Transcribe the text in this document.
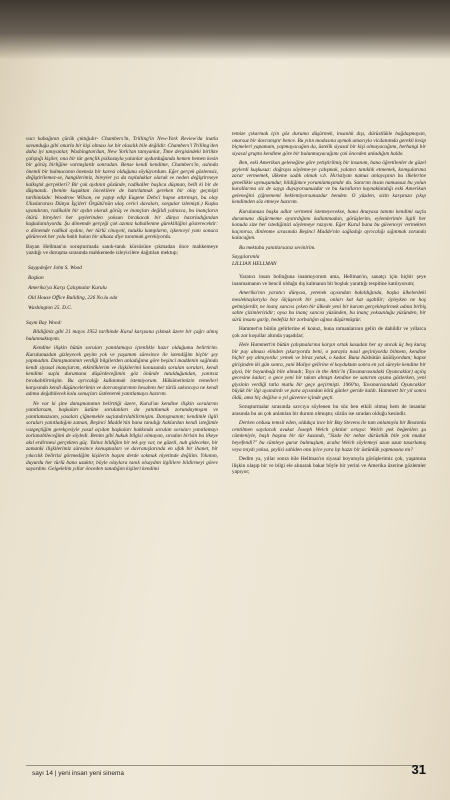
vacı kabağının çürük çıktığıdır- Chambers'in, Trilling'in New-York Review'da inatla savunduğu gibi onurlu bir kişi olması ise bir olasılık bile değildir. Chambers'i Trilling'den daha iyi tanıyanlar, Washington'dan, New York'tan tanıyanlar, Time dergisindeki birlikte çalıştığı kişiler, ona bir tür gençlik psikozuyla yalanlar uydurduğunda hemen hemen kesin bir görüş birliğine varmışlardı sonradan. Bense kendi kendime, Chambers'in, aslında önemli bir bulmacanın önemsiz bir karesi olduğunu söylüyordum. Eğer gerçek gözlemsiz, değiştirilemez-se, hangilerimiz, bireyler ya da topluluklar olarak ve neden değiştirmeye kalkıştık gerçekleri? Bir çok aydının gözünde, radikaller başlıca düşman, belli ki bir de düşmandı. (benim kuşaktan öncekilere de hatırlatmak gereken bir olay geçmişti tarihimizde: Woodrow Wilson, ne yapıp edip Eugene Debs'i hapse attırmıştı, bu olay Uluslararası Dünya İşçileri Örgütü'nün ulaş cerici davaları, sorgular izlemişti.) Kuşku uyandıran, radikalin bir aydın olarak görüş ve inançları değildi yalnızca, bu inançların ötürü bireyleri her şeylerinden yoksun bırakacak bir dünya hazırladığından kuşkulanılıyordu. Şu dönemde gerçeği çok azımız kabullenme gürekliliğini gösterecektir: o dönemde radikal aydını, her türlü cinayeti, tutuklu kampların, işkenceyi yanı sonuca götürecek her yolu haklı bulan bir alkaza diye tanıtmak gerekiyordu.

Bayan Hellman'ın soruşturmada sanık-tanık kürsüsüne çıkmadan önce mahkemeye yazdığı ve duruşma sırasında mahkemede izleyicilere dağıtılan mektup;

Saygıdeğer John S. Wood

Başkan

Amerika'ya Karşı Çalışmalar Kurulu

Old House Office Building, 226 No.lu oda

Washington 25. D.C.

Saym Bay Wood:

Bildiğiniz gibi 21 mayıs 1952 tarihinde Kurul karşısına çıkmak üzere bir çağrı almış bulunmaktayım.

Kendine ilişkin bütün soruları yanıtlamaya içtenlikle hazır olduğumu belirtirim. Kurulunuzdan gizleyecek geyim yok ve yaşamım süresince ile istendiğim hiçbir şey yapmadım. Danışmanımın verdiği bilgilerden anladığıma göre beşinci maddenin sağlında kendi siyasal inançlarım, etkinliklerim ve ilişkilerimi konusunda sorulan soruları, kendi kendimi suçlu durumuna düşürdeceğimin göz önünde tutulduğundan, yanıtsız bırakabilirmişim. Bu ayrıcalığı kullanmak istemiyorum. Hükümetimizin temelleri karşısında kendi düşüncelerimin ve davranışlarımın hesabını her türlü sakıncaya ne kendi adıma değabilecek kolu sonuçları üstlenerek yanıtlamaya hazırım.

Ne var ki şine danışmanımın belirttiği üzere, Kurul'un kendine ilişkin sorularını yanıtlarsam, başkaları üstüne sorulanları da yanıtlamak zorundaymışım ve yanıtlamazsam, yasaları çiğnemekle suçlandırılabilirmişim. Danışmanım; kendimle ilgili soruları yanıtladığım zaman, Beşinci Madde'nin bana tanıdığı haklardan kendi isteğimle vazgeçtiğim gerekçesiyle yasal açıdan başkaları hakkında sorulan soruları yanıtlamayı zorlanabileceğimi de söyledi. Benim gibi hukuk bilgisi olmayan, sıradan birisin bu ilkeye akıl erdirmesi gerçekten güç. Yalnız bildiğim bir tek şey var, ne güzeli, nuh gidecekte, bir zamanki ilişkilerimiz süresince konuşmaları ve davranışlarında en ufak bir ihanet, bir yıkıcılık belirtisi görmediğim kişilerin başını derde sokmak niyetinde değilim. Yıkımın, duyurdu her türlü bana uzaktır, böyle olaylara tanık olsaydım ilgililere bildirmeyi görev sayardım. Gelgelelim yıllar önceden tanıdığım kişileri kendimi

temize çıkarmak için göz duruma düşürmek, insanlık dışı, dürüstlükle bağdaşmayan, onursuz bir davranıştır bence. Bu yılın modasına uymak amacıyla vicdanımda gerekli kesip biçmeleri yapamam, yapmayacağım da, üstelik siyasal bir kişi olmayacağımı, herhangi bir siyasal grupta kendime göre bir bulunmayacağımı çok önceden anladığım halde.

Ben, eski Amerikan geleneğine göre yetiştirilmiş bir insanım, bana öğretilenler de güzel şeylerdi kuşkusuz: doğruyu söyleme-ye çalışmak, yalancı tanıklık etmemek, komşularıma zarar vermemek, ülkeme sadık olmak v.b. Hıristiyan namus anlayışının bu ilkelerine genellikle uymuşumdur, bildiğimce yorumlamışımdır da. Sanırım insan namussuz bu yolun kurallarına siz de saygı duyuyorsunuzdur ve bu kuralların kaynaklandığı eski Amerikan geleneğini çiğnememi beklemiyorsunuzdur benden. O yüzden, sizin karşınıza çıkıp kendimden söz etmeye hazırım.

Kurulunuza başka adlar vermemi istemeyecekse, bana Anayasa tanımı kendimi suçlu durumuna düşürmeme aystırdığımı kullanmadan, görüşlerim, eylemlerimle ilgili her konuda size her istediğinizi söylemeye razıyım. Eğer Kurul bana bu güvenceyi vermekten kaçınırsa, dinlenme sırasında Beşinci Madde'nin sağladığı ayrıcalığı sığınmak zorunda kalacağım.

Bu mektubu yanıtlarsanız sevinirim.

Saygılarımla

LILLIAN HELLMAN

Yaratıcı insan bolluğuna inanmıyorum ama, Hellman'ın, sanatçı için hiçbir şeye inanmamanın ve bencil olduğu dış kalmanın bir boşluk yarattığı tespitine katılıyorum;

Amerika'nın yaratıcı dünyası, yetenek açısından bakıldığında, başka ülkelerdeki meslektaşlarıyla boy ölçüşecek bir yana, onları kat kat aşabilir; öyleyken ne hoş gelmişlerdir, ne inanç sancısı çeken bir ülkede yeni bir kuram gerçekleştirmek adına birbiş sahte çizimlerizidir; oysa bu inanç sancısı yüzünden, bu inanç yoksunluğu yüzünden, bir sürü insanı garip, hedefsiz bir zorbalığın ağına düşürmüştür.

Hammet'ın bütün gelirlerine el konuz, buna romanlarının gelirı de dahildir ve yıllarca çok zor koşullar altında yaşadılar;

Hele Hammett'ın bütün çalışmalarına karşın ortak kasadan her ay ancak üç beş kuruş bir pay alması elinden çıkarıyordu beni, o parayla nasıl geçiniyordu bilmem, kendine hiçbir şey almıyordu: yemek ve biraz yatak, o kadar. Buna büsbütün üzülüyordum; hapse girişinden iki gün sonra, yani Maliye gelirine el koyduktan sonra en yal süreyle kendine bir giysi, bir boyunbağı bile almadı; Toys in the Attic'in (Tavanarasındaki Oyuncaklar) açılış gecesine kadar; o gece yeni bir takım almıştı kendine ne sanırım oyunu gözlerken, yeni giysinin verdiği tatla mutlu bir geçe geçirmişti. 1960'ta, Tavanarasındaki Oyuncaklar büyük bir ilgi uyandırdı ve para açısından kötü günler geride kaldı. Hammett bir yıl sonra öldü, ama hiç değilse o yıl güvence içinde geçti.

Soruşturmalar sırasında savcıya söylenen bu söz ben etkili olmuş hem de insanlar arasında bu an çok anlatılan bir durum olmuştu; sözün ise sıradan olduğu kesindir.

Derken ordusu temsil eden, oldukça ince bir Bay Stevens ile tam anlamıyla bir Bostonlu centilmen sayılacak avukat Joseph Welch çıktılar ortaya: Welch pek beğenilen şu cümleniyle, başlı başına bir tür kazandı, "Sizde bir nebze dürüstlük bile yok mudur beyefendi?" bu cümleye gurur bulmuşlum, acaba Welch söylemeyi uzun uzun tasarlamış veya mıydı yoksa, şeylisi sahiden onu iyice yara lıp hazzı bir üstünlük yapmasına mı?

Dedim ya, yıllar sonra bile Hellman'ın siyasal boyutuyla görüşlerimiz çok, yaşamına ilişkin ulaşıp bir ve bilgi ele alınarak bakar böyle bir yerini ve Amerika üzerine gözlemler yapıyor;

sayı 14 | yeni insan yeni sinema	31
